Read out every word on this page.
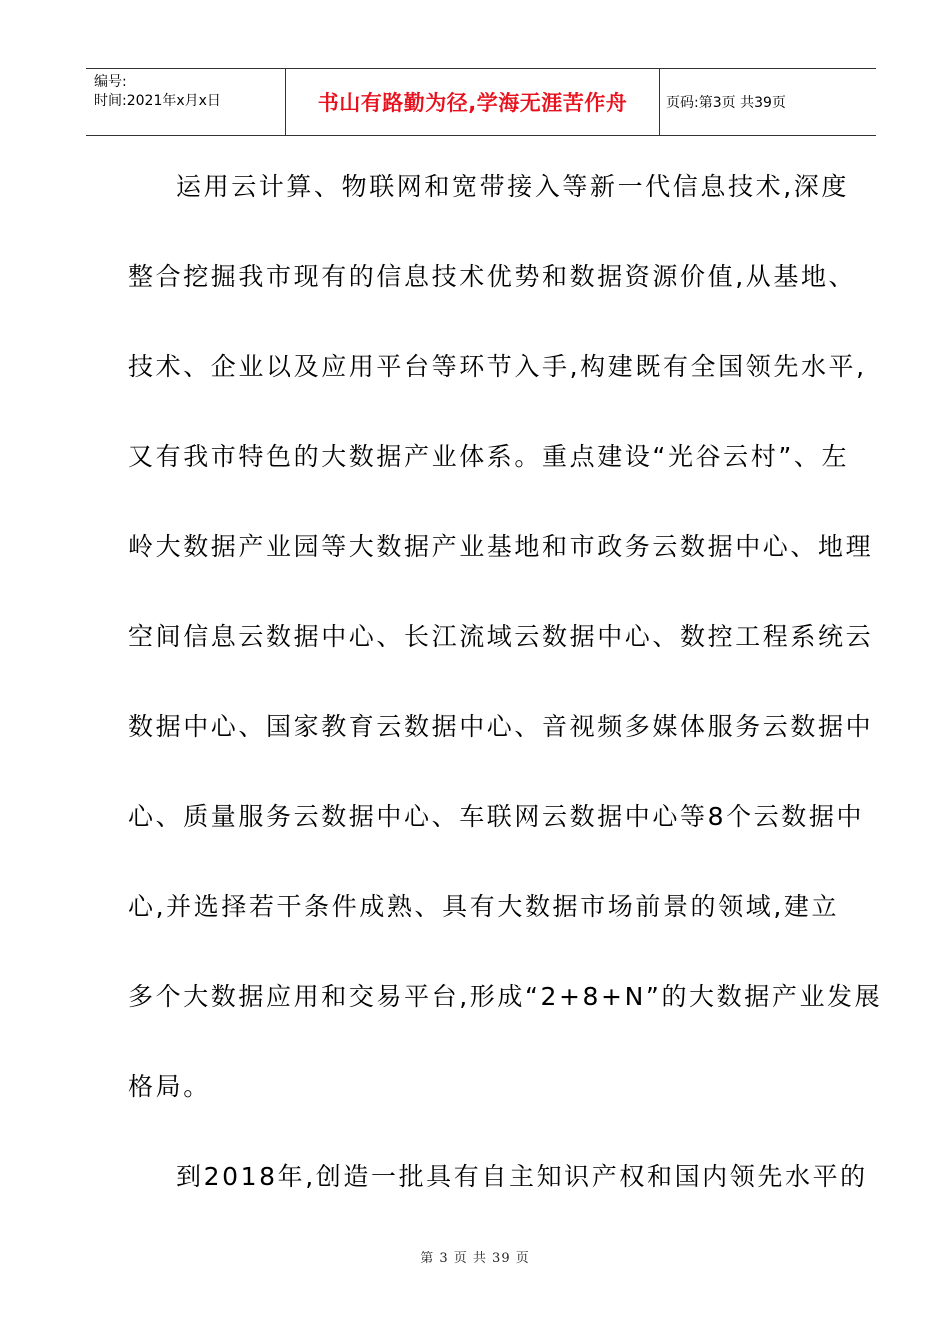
编号:
时间:2021年x月x日	书山有路勤为径,学海无涯苦作舟	页码:第3页 共39页
运用云计算、物联网和宽带接入等新一代信息技术,深度
整合挖掘我市现有的信息技术优势和数据资源价值,从基地、
技术、企业以及应用平台等环节入手,构建既有全国领先水平,
又有我市特色的大数据产业体系。重点建设“光谷云村”、左
岭大数据产业园等大数据产业基地和市政务云数据中心、地理
空间信息云数据中心、长江流域云数据中心、数控工程系统云
数据中心、国家教育云数据中心、音视频多媒体服务云数据中
心、质量服务云数据中心、车联网云数据中心等8个云数据中
心,并选择若干条件成熟、具有大数据市场前景的领域,建立
多个大数据应用和交易平台,形成“2+8+N”的大数据产业发展
格局。
到2018年,创造一批具有自主知识产权和国内领先水平的
第 3 页 共 39 页
